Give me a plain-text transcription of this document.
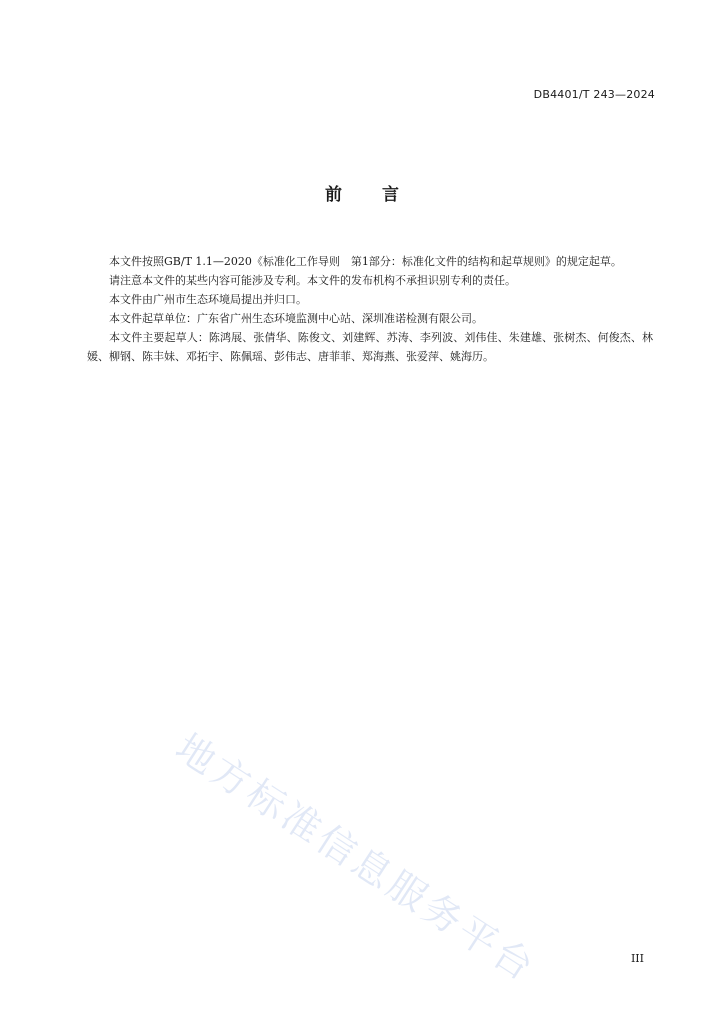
DB4401/T 243—2024
前 言

本文件按照GB/T 1.1—2020《标准化工作导则　第1部分：标准化文件的结构和起草规则》的规定起草。

请注意本文件的某些内容可能涉及专利。本文件的发布机构不承担识别专利的责任。

本文件由广州市生态环境局提出并归口。

本文件起草单位：广东省广州生态环境监测中心站、深圳准诺检测有限公司。

本文件主要起草人：陈鸿展、张倩华、陈俊文、刘建辉、苏涛、李列波、刘伟佳、朱建雄、张树杰、何俊杰、林媛、柳钢、陈丰妹、邓拓宇、陈佩瑶、彭伟志、唐菲菲、郑海燕、张爱萍、姚海历。

地方标准信息服务平台	III
